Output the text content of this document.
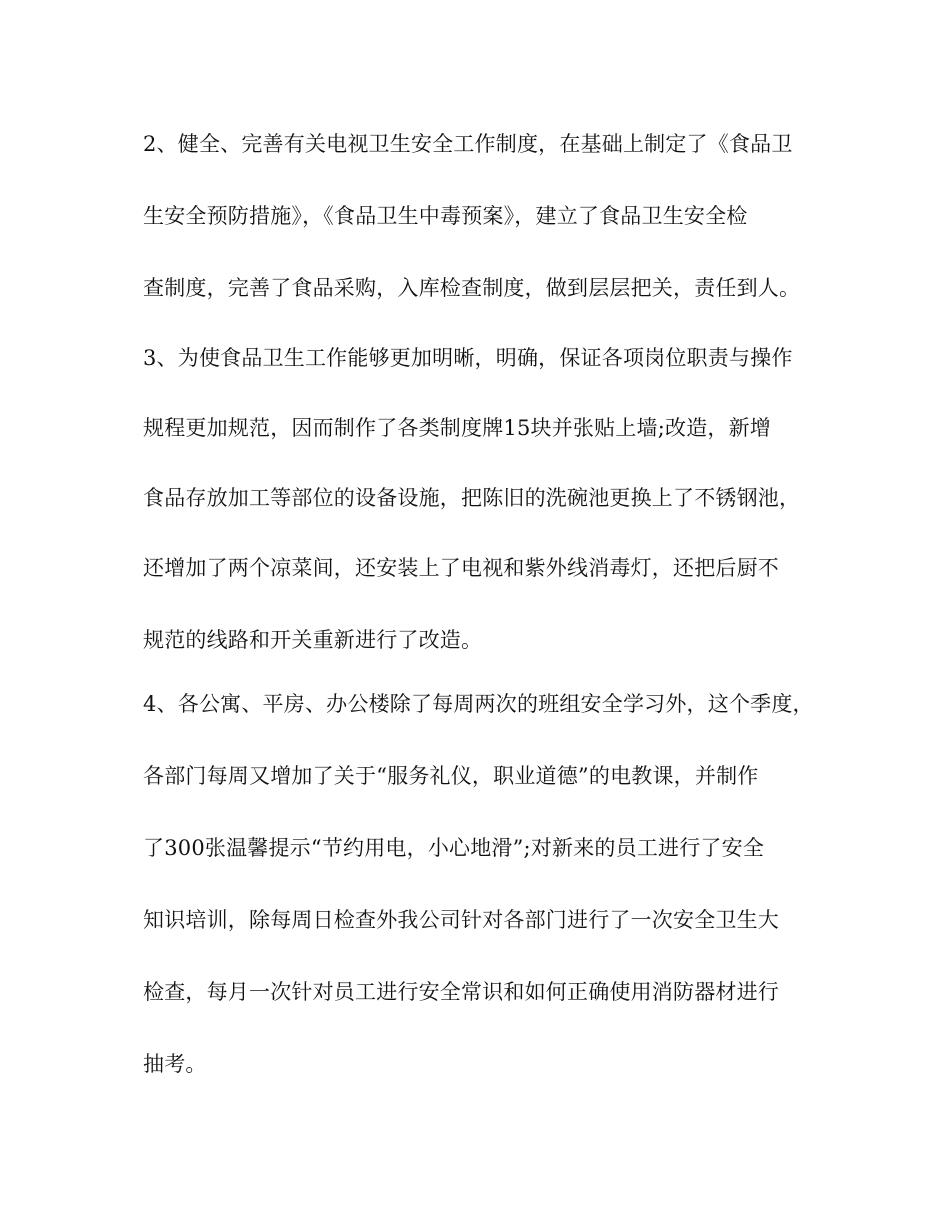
2、健全、完善有关电视卫生安全工作制度，在基础上制定了《食品卫
生安全预防措施》，《食品卫生中毒预案》，建立了食品卫生安全检
查制度，完善了食品采购，入库检查制度，做到层层把关，责任到人。
3、为使食品卫生工作能够更加明晰，明确，保证各项岗位职责与操作
规程更加规范，因而制作了各类制度牌15块并张贴上墙;改造，新增
食品存放加工等部位的设备设施，把陈旧的洗碗池更换上了不锈钢池，
还增加了两个凉菜间，还安装上了电视和紫外线消毒灯，还把后厨不
规范的线路和开关重新进行了改造。
4、各公寓、平房、办公楼除了每周两次的班组安全学习外，这个季度，
各部门每周又增加了关于“服务礼仪，职业道德”的电教课，并制作
了300张温馨提示“节约用电，小心地滑”;对新来的员工进行了安全
知识培训，除每周日检查外我公司针对各部门进行了一次安全卫生大
检查，每月一次针对员工进行安全常识和如何正确使用消防器材进行
抽考。
